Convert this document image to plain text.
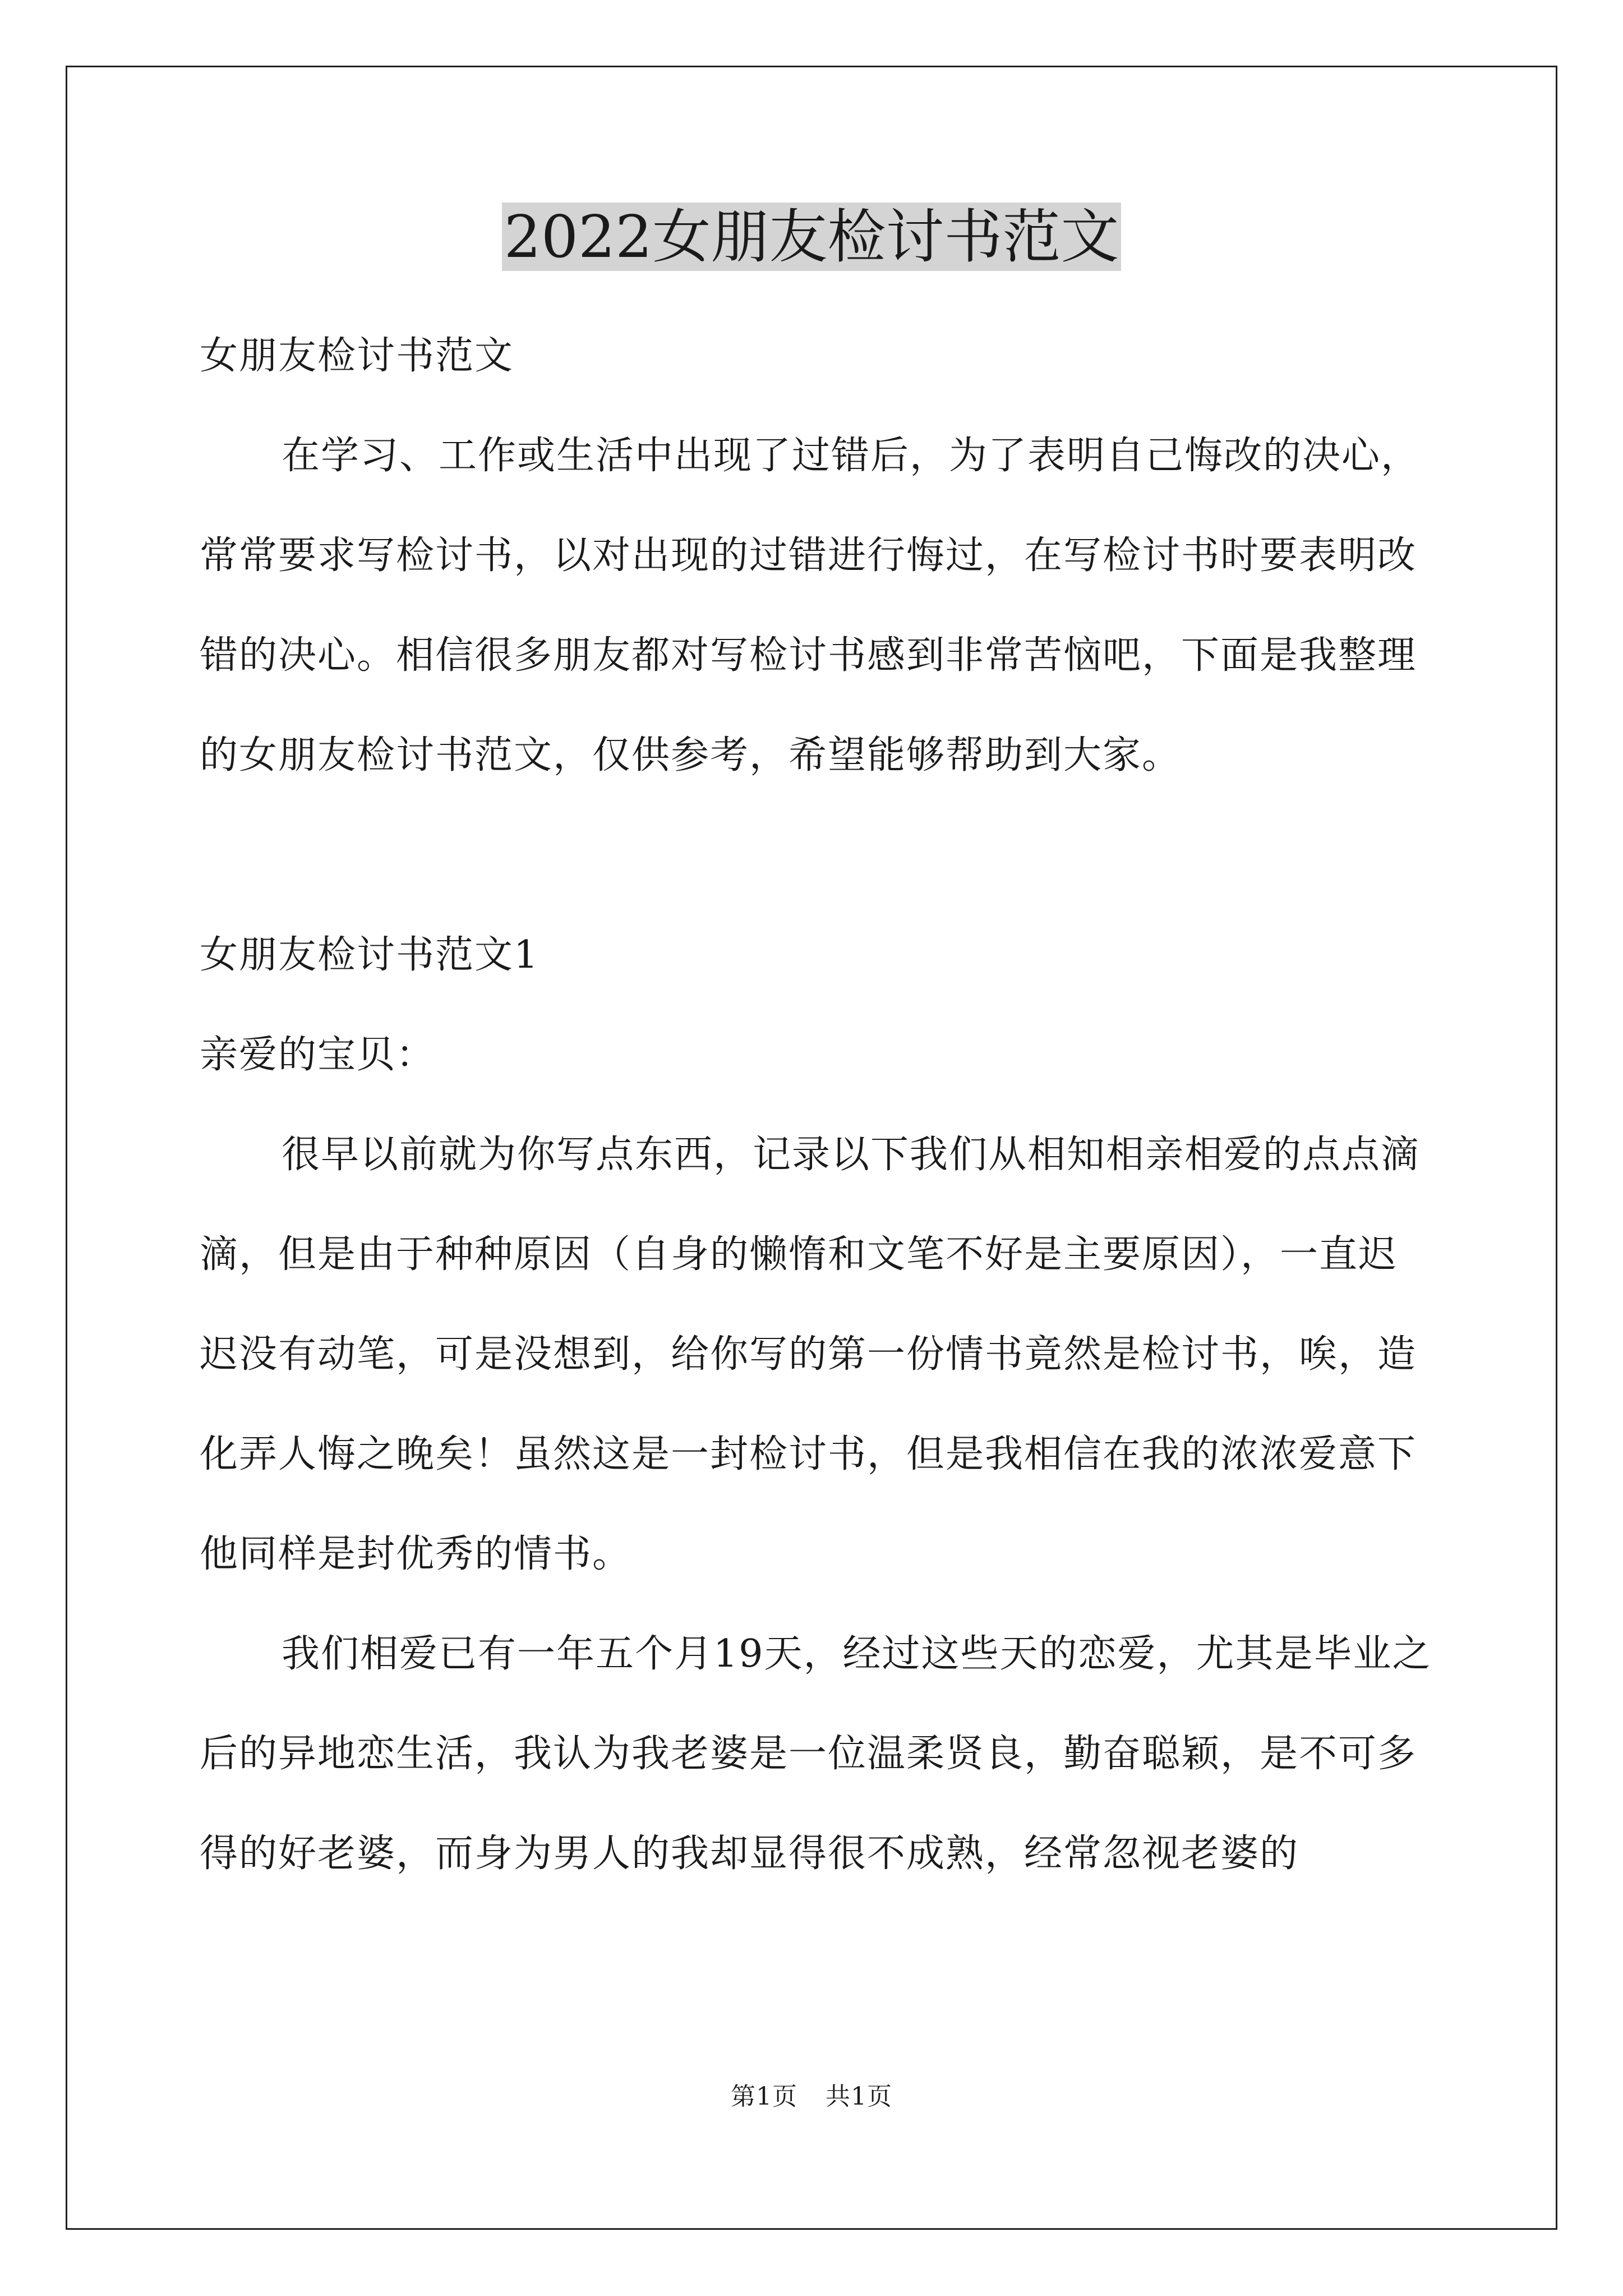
2022女朋友检讨书范文

女朋友检讨书范文

在学习、工作或生活中出现了过错后，为了表明自己悔改的决心，常常要求写检讨书，以对出现的过错进行悔过，在写检讨书时要表明改错的决心。相信很多朋友都对写检讨书感到非常苦恼吧，下面是我整理的女朋友检讨书范文，仅供参考，希望能够帮助到大家。

女朋友检讨书范文1

亲爱的宝贝：

很早以前就为你写点东西，记录以下我们从相知相亲相爱的点点滴滴，但是由于种种原因（自身的懒惰和文笔不好是主要原因），一直迟迟没有动笔，可是没想到，给你写的第一份情书竟然是检讨书，唉，造化弄人悔之晚矣！虽然这是一封检讨书，但是我相信在我的浓浓爱意下他同样是封优秀的情书。

我们相爱已有一年五个月19天，经过这些天的恋爱，尤其是毕业之后的异地恋生活，我认为我老婆是一位温柔贤良，勤奋聪颖，是不可多得的好老婆，而身为男人的我却显得很不成熟，经常忽视老婆的

第1页 共1页
